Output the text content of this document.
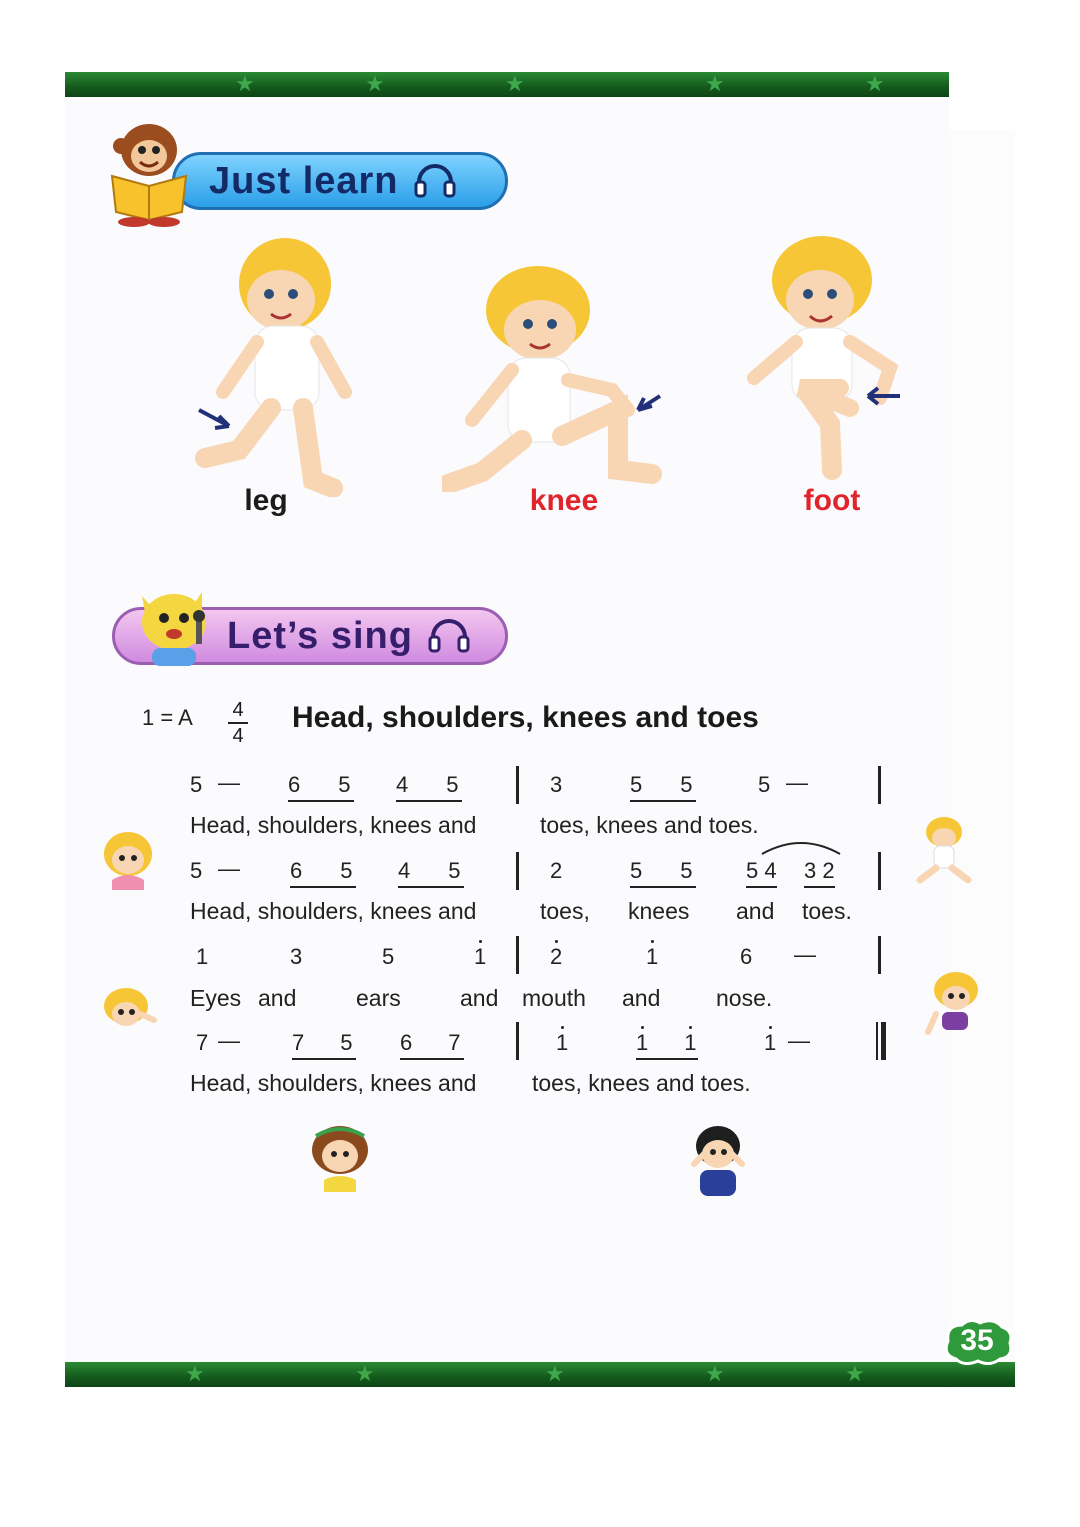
★	★	★	★	★
Just learn
leg	knee	foot
Let’s sing
1 = A 4
4
Head, shoulders, knees and toes
5 — 6 5 4 5	3	5 5	5 —
Head, shoulders, knees and	toes, knees and toes.
5 — 6 5 4 5	2	5 5 5 4 3 2
Head, shoulders, knees and	toes, knees and toes.
1	3	5	1	2	1	6 —
Eyes and	ears	and mouth and nose.
7 — 7 5 6 7	1	1 1	1 —
Head, shoulders, knees and toes, knees and toes.
★	★	★	★	★
35
